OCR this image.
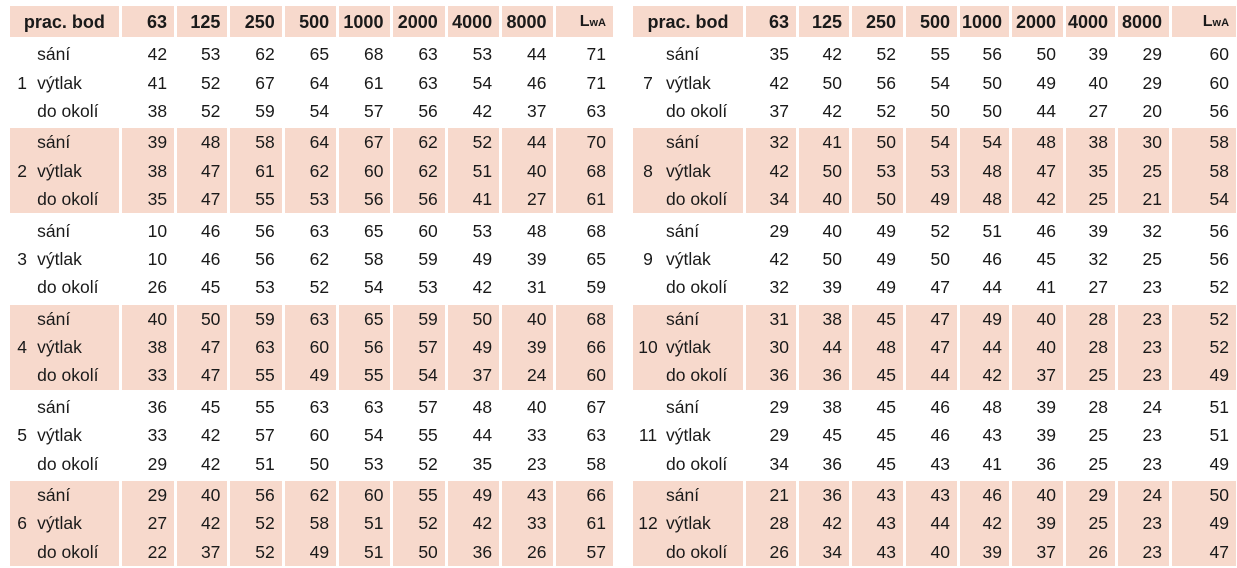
prac. bod		63	125	250	500	1000	2000	4000	8000	LwA
1	sání	42	53	62	65	68	63	53	44	71
	výtlak	41	52	67	64	61	63	54	46	71
	do okolí	38	52	59	54	57	56	42	37	63
2	sání	39	48	58	64	67	62	52	44	70
	výtlak	38	47	61	62	60	62	51	40	68
	do okolí	35	47	55	53	56	56	41	27	61
3	sání	10	46	56	63	65	60	53	48	68
	výtlak	10	46	56	62	58	59	49	39	65
	do okolí	26	45	53	52	54	53	42	31	59
4	sání	40	50	59	63	65	59	50	40	68
	výtlak	38	47	63	60	56	57	49	39	66
	do okolí	33	47	55	49	55	54	37	24	60
5	sání	36	45	55	63	63	57	48	40	67
	výtlak	33	42	57	60	54	55	44	33	63
	do okolí	29	42	51	50	53	52	35	23	58
6	sání	29	40	56	62	60	55	49	43	66
	výtlak	27	42	52	58	51	52	42	33	61
	do okolí	22	37	52	49	51	50	36	26	57
prac. bod		63	125	250	500	1000	2000	4000	8000	LwA
7	sání	35	42	52	55	56	50	39	29	60
	výtlak	42	50	56	54	50	49	40	29	60
	do okolí	37	42	52	50	50	44	27	20	56
8	sání	32	41	50	54	54	48	38	30	58
	výtlak	42	50	53	53	48	47	35	25	58
	do okolí	34	40	50	49	48	42	25	21	54
9	sání	29	40	49	52	51	46	39	32	56
	výtlak	42	50	49	50	46	45	32	25	56
	do okolí	32	39	49	47	44	41	27	23	52
10	sání	31	38	45	47	49	40	28	23	52
	výtlak	30	44	48	47	44	40	28	23	52
	do okolí	36	36	45	44	42	37	25	23	49
11	sání	29	38	45	46	48	39	28	24	51
	výtlak	29	45	45	46	43	39	25	23	51
	do okolí	34	36	45	43	41	36	25	23	49
12	sání	21	36	43	43	46	40	29	24	50
	výtlak	28	42	43	44	42	39	25	23	49
	do okolí	26	34	43	40	39	37	26	23	47
